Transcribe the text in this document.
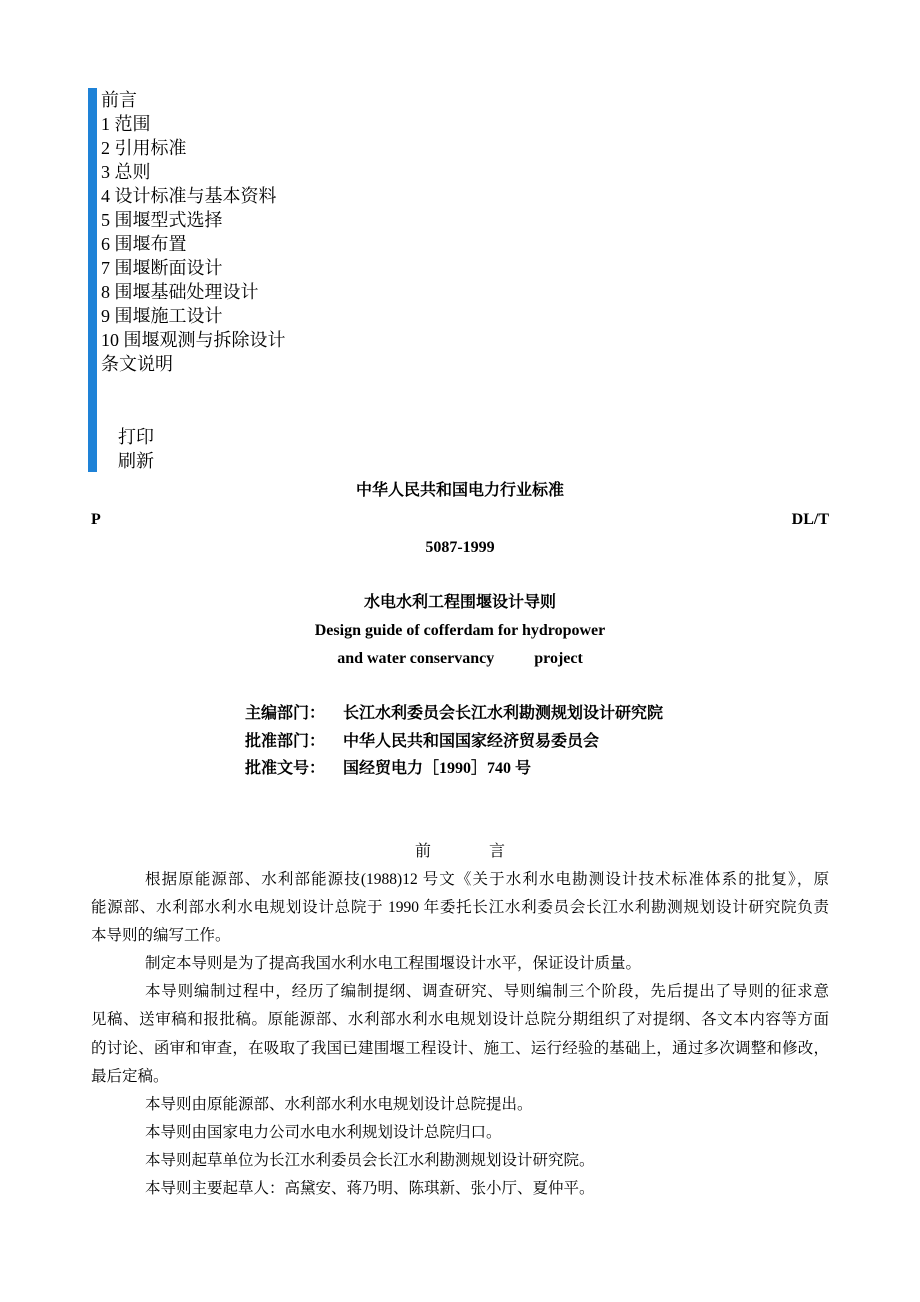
前言
1 范围
2 引用标准
3 总则
4 设计标准与基本资料
5 围堰型式选择
6 围堰布置
7 围堰断面设计
8 围堰基础处理设计
9 围堰施工设计
10 围堰观测与拆除设计
条文说明
打印
刷新
中华人民共和国电力行业标准
P	DL/T
5087-1999
水电水利工程围堰设计导则
Design guide of cofferdam for hydropower
and water conservancy          project
主编部门： 长江水利委员会长江水利勘测规划设计研究院
批准部门： 中华人民共和国国家经济贸易委员会
批准文号： 国经贸电力［1990］740 号
前言
根据原能源部、水利部能源技(1988)12 号文《关于水利水电勘测设计技术标准体系的批复》，原
能源部、水利部水利水电规划设计总院于 1990 年委托长江水利委员会长江水利勘测规划设计研究院负责
本导则的编写工作。
制定本导则是为了提高我国水利水电工程围堰设计水平，保证设计质量。
本导则编制过程中，经历了编制提纲、调查研究、导则编制三个阶段，先后提出了导则的征求意
见稿、送审稿和报批稿。原能源部、水利部水利水电规划设计总院分期组织了对提纲、各文本内容等方面
的讨论、函审和审查，在吸取了我国已建围堰工程设计、施工、运行经验的基础上，通过多次调整和修改，
最后定稿。
本导则由原能源部、水利部水利水电规划设计总院提出。
本导则由国家电力公司水电水利规划设计总院归口。
本导则起草单位为长江水利委员会长江水利勘测规划设计研究院。
本导则主要起草人：高黛安、蒋乃明、陈琪新、张小厅、夏仲平。
